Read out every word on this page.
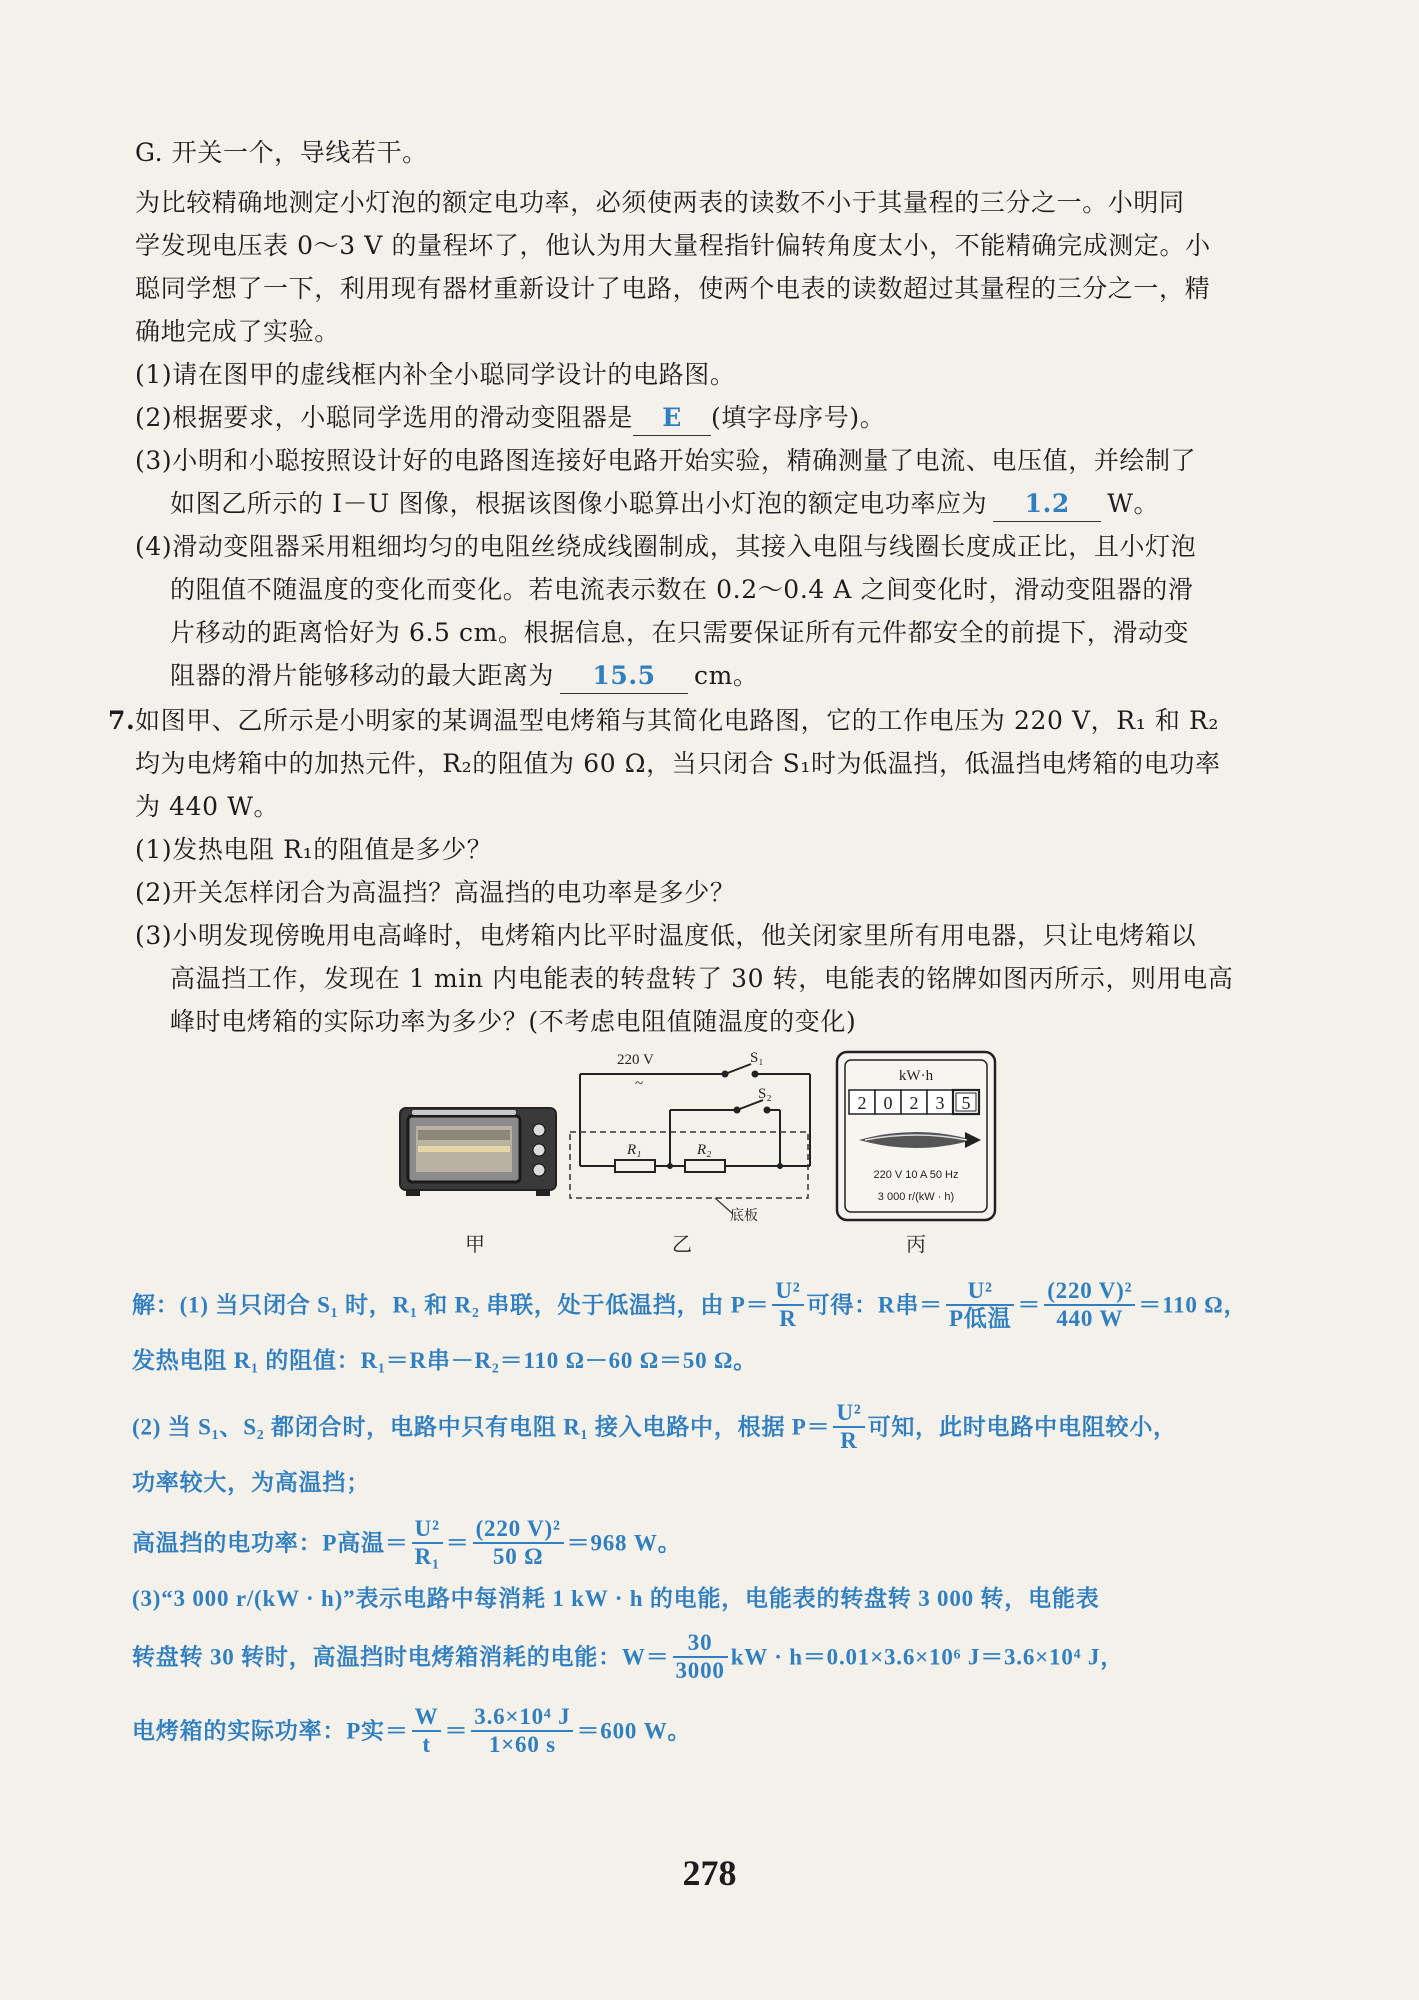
G. 开关一个，导线若干。
为比较精确地测定小灯泡的额定电功率，必须使两表的读数不小于其量程的三分之一。小明同
学发现电压表 0～3 V 的量程坏了，他认为用大量程指针偏转角度太小，不能精确完成测定。小
聪同学想了一下，利用现有器材重新设计了电路，使两个电表的读数超过其量程的三分之一，精
确地完成了实验。
(1)请在图甲的虚线框内补全小聪同学设计的电路图。
(2)根据要求，小聪同学选用的滑动变阻器是 E (填字母序号)。
(3)小明和小聪按照设计好的电路图连接好电路开始实验，精确测量了电流、电压值，并绘制了
如图乙所示的 I－U 图像，根据该图像小聪算出小灯泡的额定电功率应为 1.2 W。
(4)滑动变阻器采用粗细均匀的电阻丝绕成线圈制成，其接入电阻与线圈长度成正比，且小灯泡
的阻值不随温度的变化而变化。若电流表示数在 0.2～0.4 A 之间变化时，滑动变阻器的滑
片移动的距离恰好为 6.5 cm。根据信息，在只需要保证所有元件都安全的前提下，滑动变
阻器的滑片能够移动的最大距离为 15.5 cm。
7. 如图甲、乙所示是小明家的某调温型电烤箱与其简化电路图，它的工作电压为 220 V，R₁ 和 R₂
均为电烤箱中的加热元件，R₂的阻值为 60 Ω，当只闭合 S₁时为低温挡，低温挡电烤箱的电功率
为 440 W。
(1)发热电阻 R₁的阻值是多少？
(2)开关怎样闭合为高温挡？高温挡的电功率是多少？
(3)小明发现傍晚用电高峰时，电烤箱内比平时温度低，他关闭家里所有用电器，只让电烤箱以
高温挡工作，发现在 1 min 内电能表的转盘转了 30 转，电能表的铭牌如图丙所示，则用电高
峰时电烤箱的实际功率为多少？(不考虑电阻值随温度的变化)
甲
220 V
~
S₁
S₂
R₁	R₂
底板
乙
kW·h
2 0 2 3 5
220 V 10 A 50 Hz
3 000 r/(kW · h)
丙
解：(1) 当只闭合 S₁ 时，R₁ 和 R₂ 串联，处于低温挡，由 $P= \frac{\text{U²}}{R}$ 可得：R串＝ $\frac{\text{U²}}{\text{P低温}} = \frac{\text{(220 V)²}}{440 W} =110$ Ω，
发热电阻 R₁ 的阻值：R₁＝R串－R₂＝110 Ω－60 Ω＝50 Ω。
(2) 当 S₁、S₂ 都闭合时，电路中只有电阻 R₁ 接入电路中，根据 $P= \frac{\text{U²}}{R}$ 可知，此时电路中电阻较小，
功率较大，为高温挡；
高温挡的电功率：P高温＝ $\frac{\text{U²}}{\text{R₁}} = \frac{\text{(220 V)²}}{50 \Omega} =968$ W。
(3)“3 000 r/(kW · h)”表示电路中每消耗 1 kW · h 的电能，电能表的转盘转 3 000 转，电能表
转盘转 30 转时，高温挡时电烤箱消耗的电能：$W= \frac{30}{3000}$ kW · h＝0.01×3.6×10⁶ J＝3.6×10⁴ J，
电烤箱的实际功率：P实＝ $\frac{W}{t} = \frac{\text{3.6×10⁴ J}}{1\times 60 s} =600$ W。
278
